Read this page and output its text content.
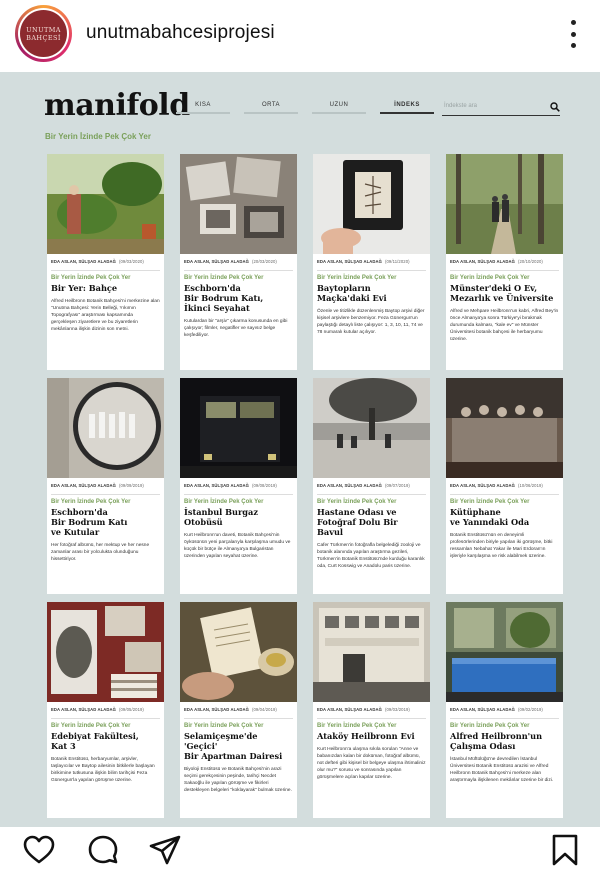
UNUTMA
BAHÇESİ unutmabahcesiprojesi
manifold KISA	ORTA	UZUN	İNDEKS	İndekste ara
Bir Yerin İzinde Pek Çok Yer
EDA ASLAN, SÜLŞAD ALADAĞ (09/03/2020)
Bir Yerin İzinde Pek Çok Yer
Bir Yer: Bahçe
Alfred Heilbronn Botanik Bahçesi'ni merkezine alan "Unutma Bahçesi: Yerin Belleği, Yıkımın Topografyası" araştırması kapsamında gerçekleşen ziyaretlere ve bu ziyaretlerin mekânlarına ilişkin dizinin son metni.
EDA ASLAN, SÜLŞAD ALADAĞ (20/03/2020)
Bir Yerin İzinde Pek Çok Yer
Eschborn'da
Bir Bodrum Katı,
İkinci Seyahat
Kutulardan bir "arşiv" çıkarma konusunda en gibi çalışıyor; filmler, negatifler ve sayısız belge keşfediliyor.
EDA ASLAN, SÜLŞAD ALADAĞ (09/11/2020)
Bir Yerin İzinde Pek Çok Yer
Baytopların
Maçka'daki Evi
Özenle ve titizlikle düzenlenmiş Baytop arşivi diğer kişisel arşivlere benzemiyor. Feza Günergun'un paylaştığı detaylı liste çalışıyor: 1, 3, 10, 11, 74 ve 78 numaralı kutular açılıyor.
EDA ASLAN, SÜLŞAD ALADAĞ (20/10/2020)
Bir Yerin İzinde Pek Çok Yer
Münster'deki O Ev,
Mezarlık ve Üniversite
Alfred ve Mehpare Heilbronn'un kabri, Alfred Bey'in önce Almanya'ya sonra Türkiye'yi bırakmak durumunda kalması, "kale ev" ve Münster Üniversitesi botanik bahçesi ile herbaryumu üzerine.
EDA ASLAN, SÜLŞAD ALADAĞ (09/09/2019)
Bir Yerin İzinde Pek Çok Yer
Eschborn'da
Bir Bodrum Katı
ve Kutular
Her fotoğraf albümü, her mektup ve her nesne zamanlar arası bir yolculukta olunduğunu hissettiriyor.
EDA ASLAN, SÜLŞAD ALADAĞ (09/08/2019)
Bir Yerin İzinde Pek Çok Yer
İstanbul Burgaz
Otobüsü
Kurt Heilbronn'un daveti, Botanik Bahçesi'nin öyküsünün yeni parçalarıyla karşılaşma umudu ve küçük bir bütçe ile Almanya'ya Bulgaristan üzerinden yapılan seyahat üzerine.
EDA ASLAN, SÜLŞAD ALADAĞ (09/07/2019)
Bir Yerin İzinde Pek Çok Yer
Hastane Odası ve
Fotoğraf Dolu Bir Bavul
Cafer Türkmen'in fotoğrafla belgelediği zooloji ve botanik alanında yapılan araştırma gezileri, Türkmen'in Botanik Enstitüsü'nde kurduğu karanlık oda, Curt Kosswig ve Anadolu paris üzerine.
EDA ASLAN, SÜLŞAD ALADAĞ (10/06/2019)
Bir Yerin İzinde Pek Çok Yer
Kütüphane
ve Yanındaki Oda
Botanik Enstitüsü'nün en deneyimli profesörlerinden biriyle yapılan iki görüşme, bitki ressamları Nebahat Yakar ile Mari Erdoran'ın işleriyle karşılaşma ve risk alabilmek üzerine.
EDA ASLAN, SÜLŞAD ALADAĞ (09/05/2019)
Bir Yerin İzinde Pek Çok Yer
Edebiyat Fakültesi,
Kat 3
Botanik Enstitüsü, herbaryumlar, arşivler, taşlayıcılar ve Baytop ailesinin bitkilerle başlayan birikimine tutkusuna ilişkin bilim tarihçisi Feza Günergun'la yapılan görüşme üzerine.
EDA ASLAN, SÜLŞAD ALADAĞ (09/04/2019)
Bir Yerin İzinde Pek Çok Yer
Selamiçeşme'de 'Geçici'
Bir Apartman Dairesi
Biyoloji Enstitüsü ve Botanik Bahçesi'nin arazi seçimi gerekçesinin peşinde, tarihçi Necdet Sakaoğlu ile yapılan görüşme ve fikirleri destekleyen belgeleri "koklayarak" bulmak üzerine.
EDA ASLAN, SÜLŞAD ALADAĞ (09/03/2019)
Bir Yerin İzinde Pek Çok Yer
Ataköy Heilbronn Evi
Kurt Heilbronn'a ulaşma sıkıla sorulan "Anne ve babanızdan kalan bir doküman, fotoğraf albümü, not defteri gibi kişisel bir belgeye ulaşma ihtimaliniz olur mu?" sorusu ve sonrasında yapılan görüşmelere açılan kapılar üzerine.
EDA ASLAN, SÜLŞAD ALADAĞ (09/02/2019)
Bir Yerin İzinde Pek Çok Yer
Alfred Heilbronn'un
Çalışma Odası
İstanbul Müftülüğü'ne devredilen İstanbul Üniversitesi Botanik Enstitüsü arazisi ve Alfred Heilbronn Botanik Bahçesi'ni merkeze alan araştırmayla ilişkilenen mekânlar üzerine bir dizi.
